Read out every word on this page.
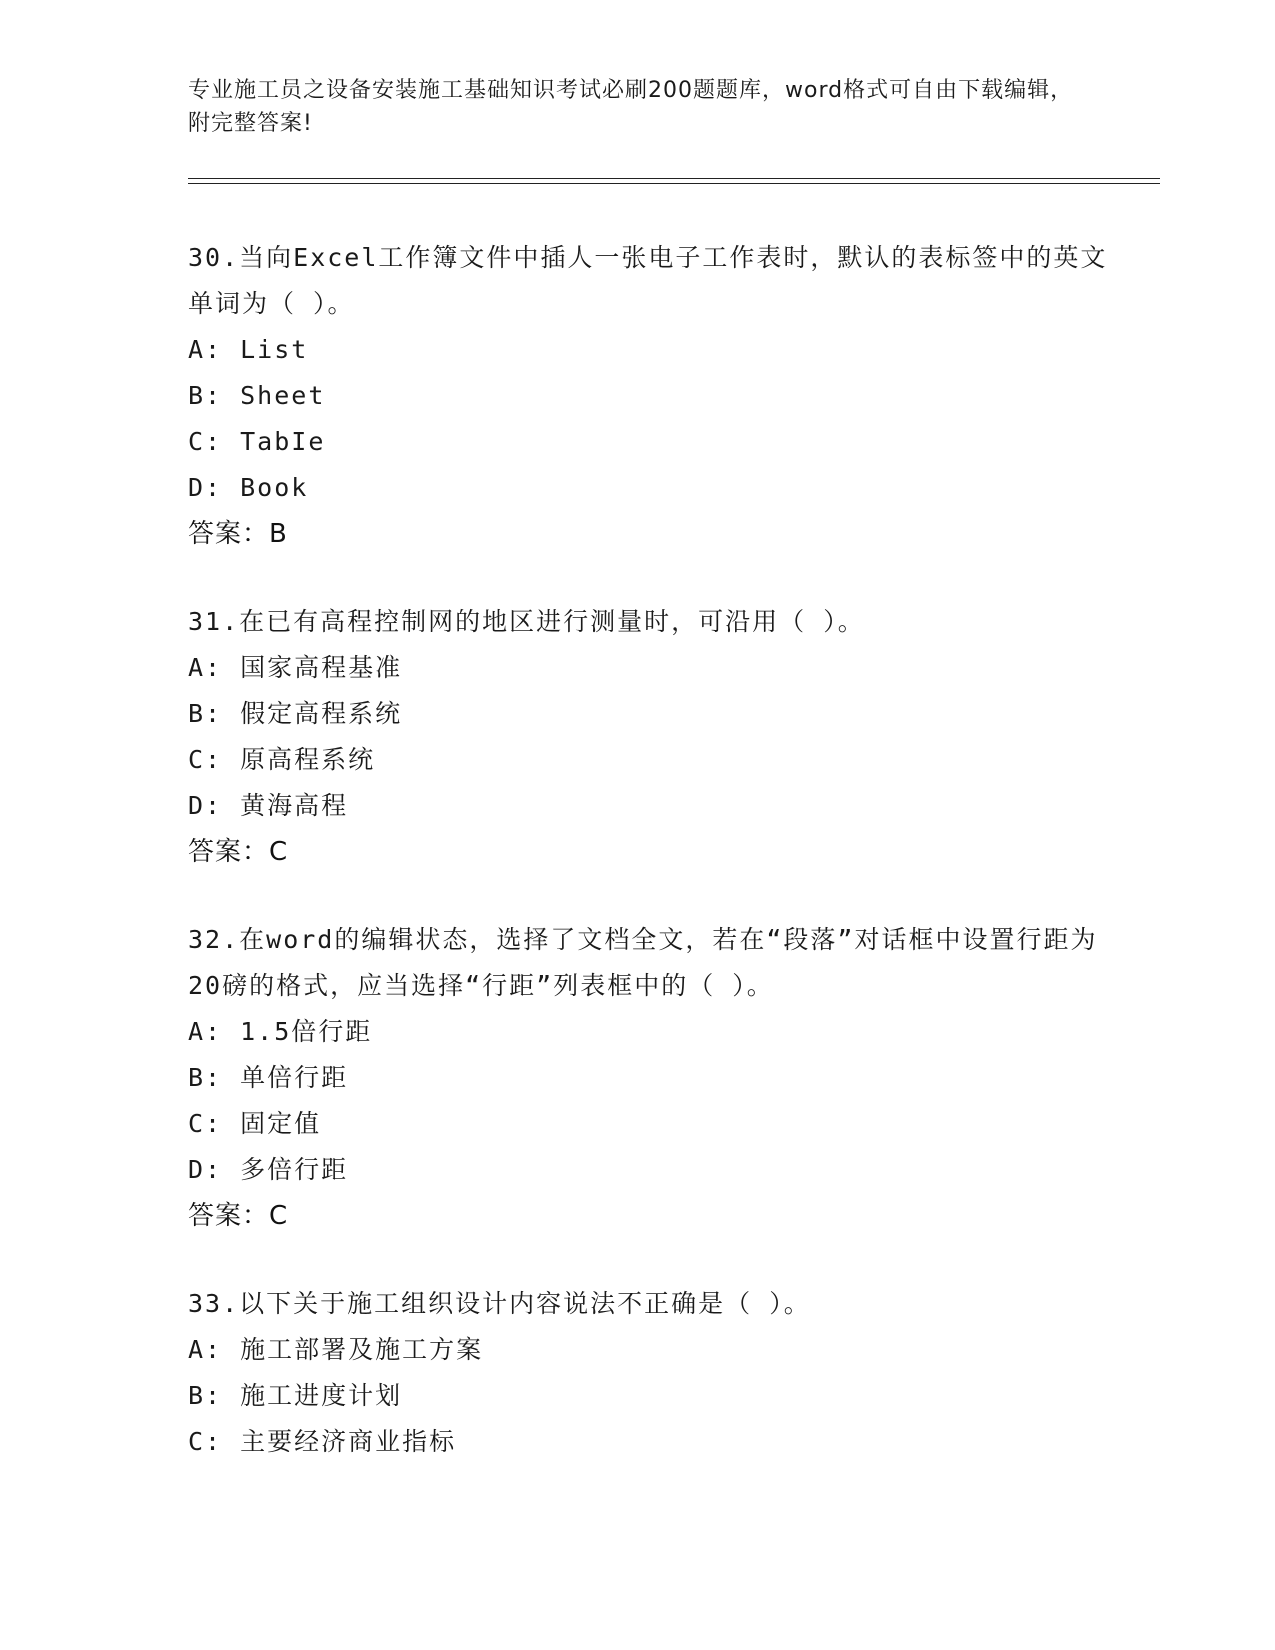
专业施工员之设备安装施工基础知识考试必刷200题题库，word格式可自由下载编辑，附完整答案!
30.当向Excel工作簿文件中插人一张电子工作表时，默认的表标签中的英文单词为（ ）。
A: List
B: Sheet
C: TabIe
D: Book
答案：B
31.在已有高程控制网的地区进行测量时，可沿用（ ）。
A: 国家高程基准
B: 假定高程系统
C: 原高程系统
D: 黄海高程
答案：C
32.在word的编辑状态，选择了文档全文，若在“段落”对话框中设置行距为20磅的格式，应当选择“行距”列表框中的（ ）。
A: 1.5倍行距
B: 单倍行距
C: 固定值
D: 多倍行距
答案：C
33.以下关于施工组织设计内容说法不正确是（ ）。
A: 施工部署及施工方案
B: 施工进度计划
C: 主要经济商业指标
